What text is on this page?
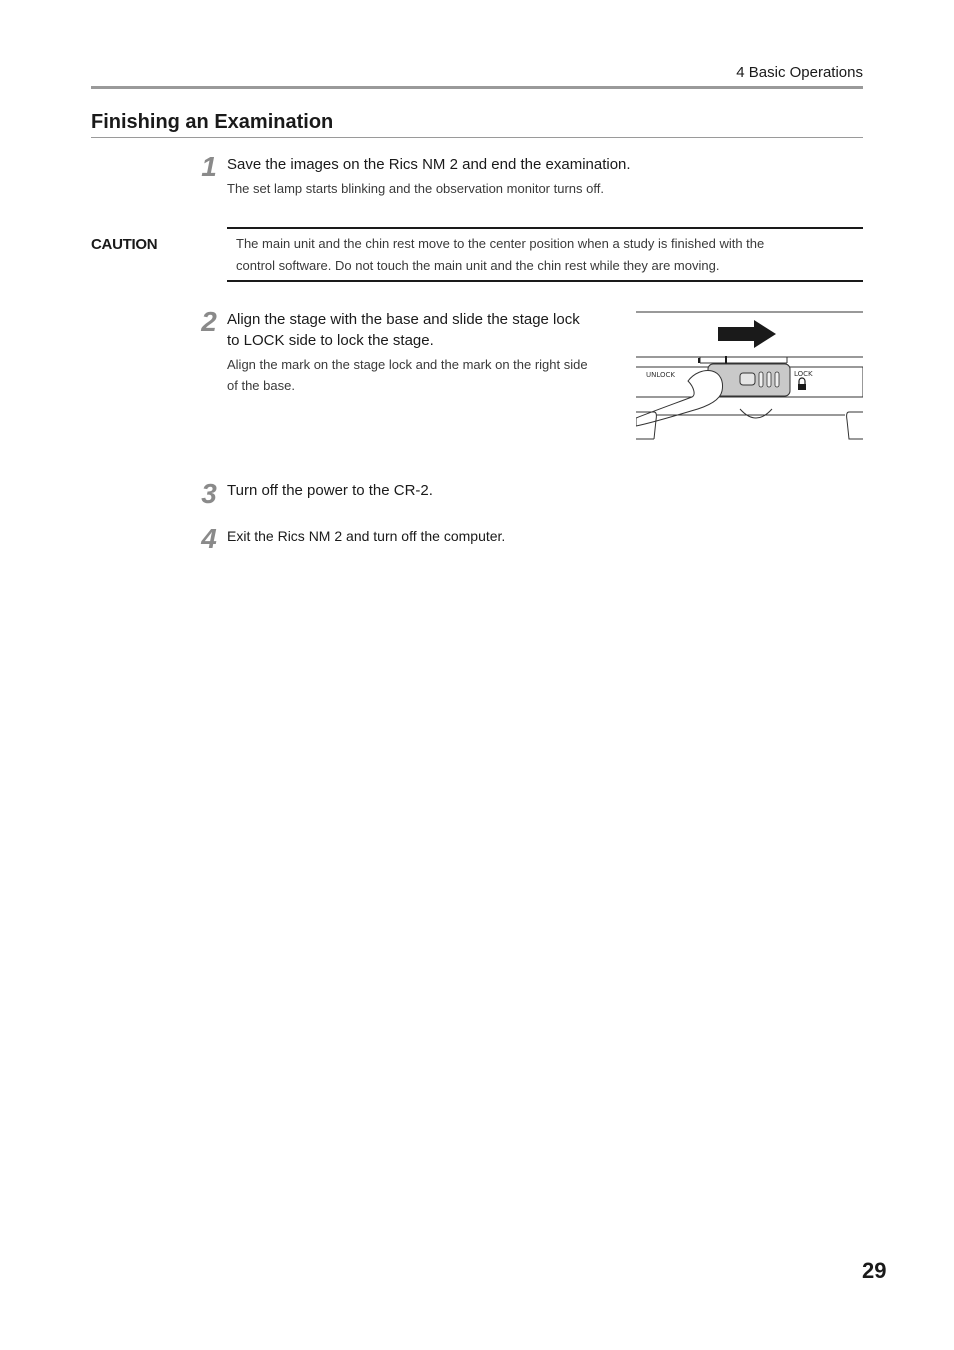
4 Basic Operations
Finishing an Examination
1 Save the images on the Rics NM 2 and end the examination.

The set lamp starts blinking and the observation monitor turns off.

CAUTION	The main unit and the chin rest move to the center position when a study is finished with the
control software. Do not touch the main unit and the chin rest while they are moving.

2 Align the stage with the base and slide the stage lock
to LOCK side to lock the stage.

Align the mark on the stage lock and the mark on the right side
of the base.

UNLOCK	LOCK
3 Turn off the power to the CR-2.

4 Exit the Rics NM 2 and turn off the computer.

29
